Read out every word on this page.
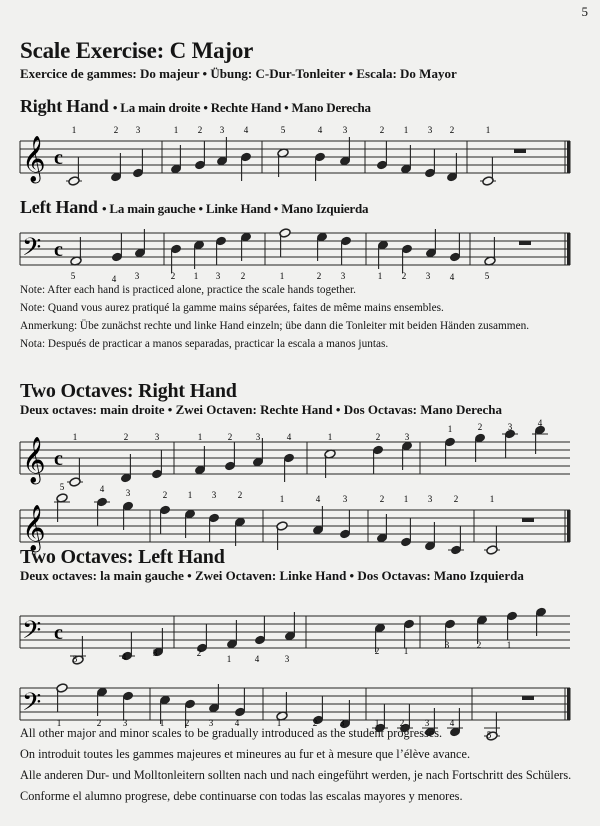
5
Scale Exercise: C Major
Exercice de gammes: Do majeur • Übung: C-Dur-Tonleiter • Escala: Do Mayor
Right Hand • La main droite • Rechte Hand • Mano Derecha
𝄞 c
1	2 3	1 2 3 4	5	4 3	2 1 3 2	1
Left Hand • La main gauche • Linke Hand • Mano Izquierda
𝄢 c
5	4 3	2 1 3 2	1	2 3	1 2 3 4	5
Note: After each hand is practiced alone, practice the scale hands together.
Note: Quand vous aurez pratiqué la gamme mains séparées, faites de même mains ensembles.
Anmerkung: Übe zunächst rechte und linke Hand einzeln; übe dann die Tonleiter mit beiden Händen zusammen.
Nota: Después de practicar a manos separadas, practicar la escala a manos juntas.
Two Octaves: Right Hand
Deux octaves: main droite • Zwei Octaven: Rechte Hand • Dos Octavas: Mano Derecha
𝄞 c
1	2	3	1	2	3	4	1	2	3
1	2	3	4
𝄞
5	4 3	2 1 3 2	1	4	3	2 1 3 2	1
Two Octaves: Left Hand
Deux octaves: la main gauche • Zwei Octaven: Linke Hand • Dos Octavas: Mano Izquierda
𝄢 c
5	4	3	2
1	4	3
2	1
3	2	1
𝄢
1	2 3	1 2 3 4	1	2	3	1 2 3 4
5
All other major and minor scales to be gradually introduced as the student progresses.
On introduit toutes les gammes majeures et mineures au fur et à mesure que l’élève avance.
Alle anderen Dur- und Molltonleitern sollten nach und nach eingeführt werden, je nach Fortschritt des Schülers.
Conforme el alumno progrese, debe continuarse con todas las escalas mayores y menores.
